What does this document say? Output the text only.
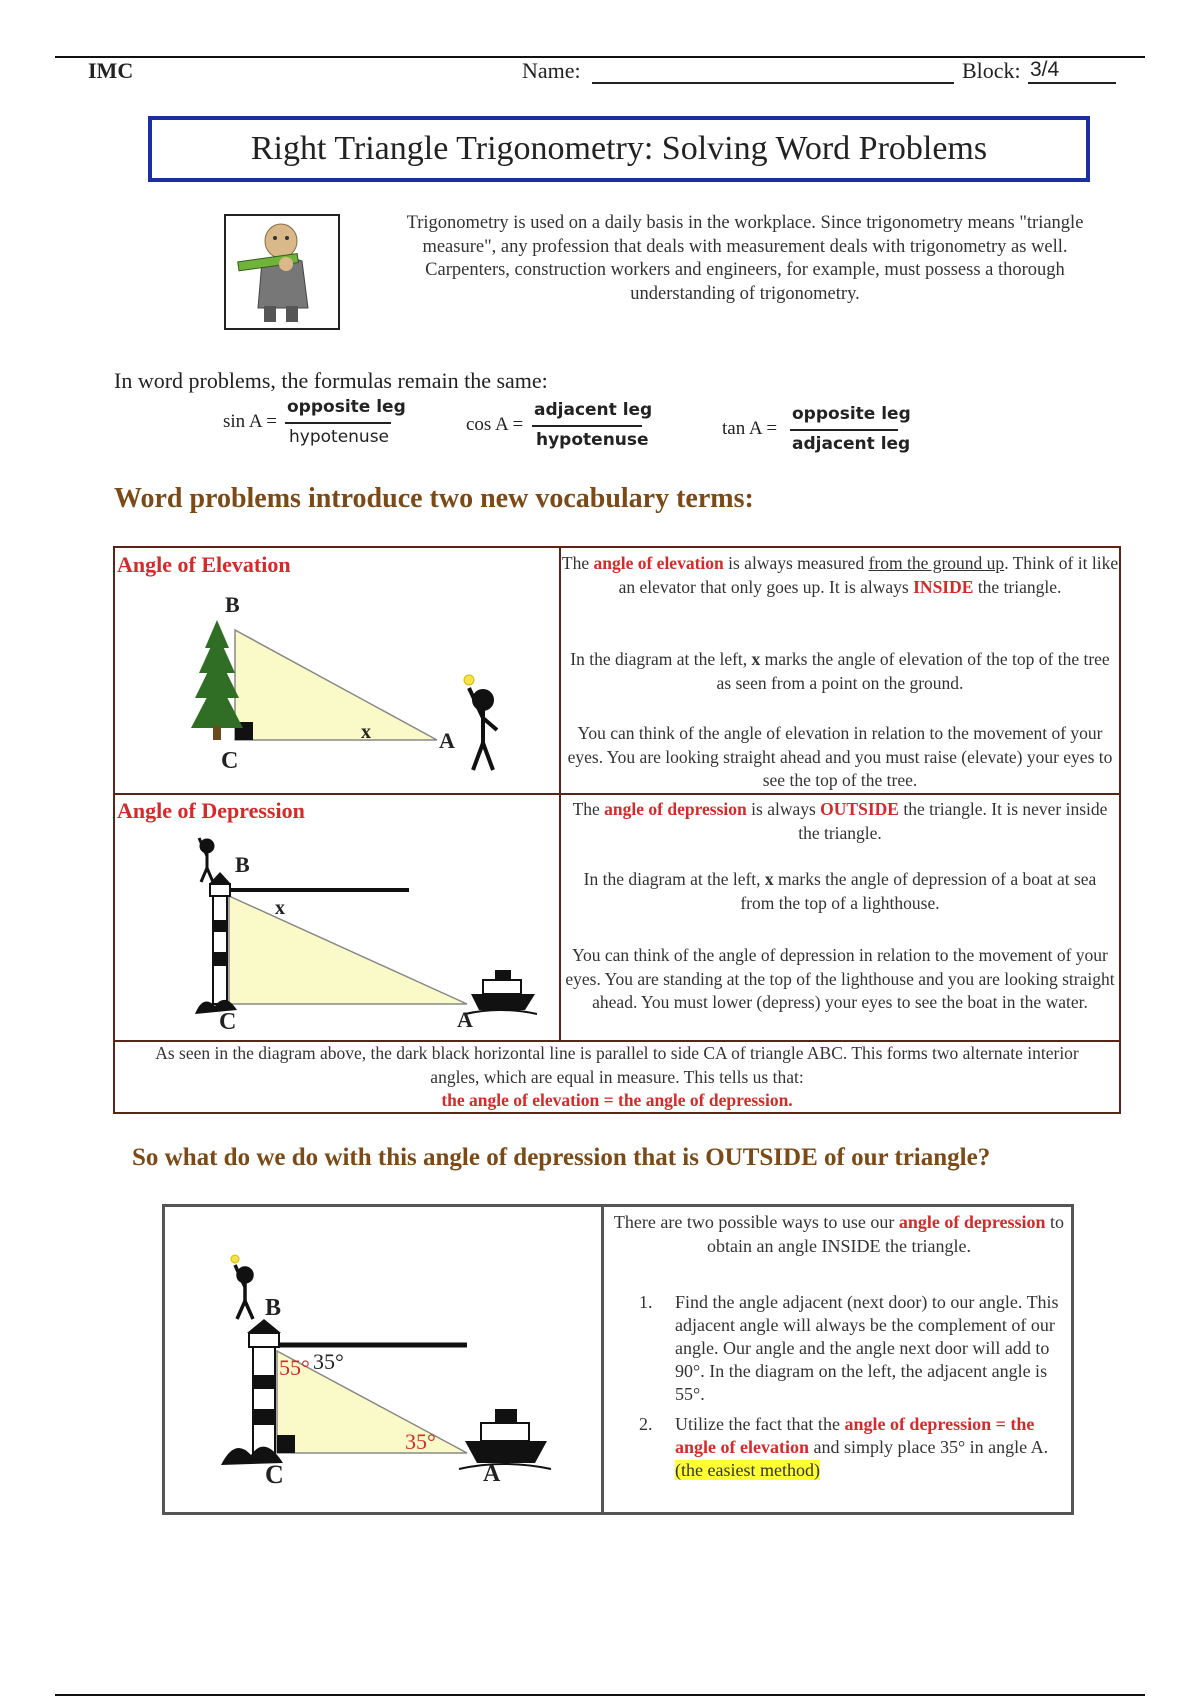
IMC	Name:	Block: 3/4
Right Triangle Trigonometry: Solving Word Problems
Trigonometry is used on a daily basis in the workplace. Since trigonometry means "triangle measure", any profession that deals with measurement deals with trigonometry as well. Carpenters, construction workers and engineers, for example, must possess a thorough understanding of trigonometry.
In word problems, the formulas remain the same:
sin A =
opposite leg
hypotenuse
cos A =
adjacent leg
hypotenuse
tan A =
opposite leg
adjacent leg
Word problems introduce two new vocabulary terms:
Angle of Elevation
B
C
A
x
The angle of elevation is always measured from the ground up. Think of it like an elevator that only goes up. It is always INSIDE the triangle.
In the diagram at the left, x marks the angle of elevation of the top of the tree as seen from a point on the ground.
You can think of the angle of elevation in relation to the movement of your eyes. You are looking straight ahead and you must raise (elevate) your eyes to see the top of the tree.
Angle of Depression
B
C	A
x
The angle of depression is always OUTSIDE the triangle. It is never inside the triangle.
In the diagram at the left, x marks the angle of depression of a boat at sea from the top of a lighthouse.
You can think of the angle of depression in relation to the movement of your eyes. You are standing at the top of the lighthouse and you are looking straight ahead. You must lower (depress) your eyes to see the boat in the water.
As seen in the diagram above, the dark black horizontal line is parallel to side CA of triangle ABC. This forms two alternate interior angles, which are equal in measure. This tells us that:
the angle of elevation = the angle of depression.
So what do we do with this angle of depression that is OUTSIDE of our triangle?
B
C	A
35°
55°
35°
There are two possible ways to use our angle of depression to obtain an angle INSIDE the triangle.
1. Find the angle adjacent (next door) to our angle. This adjacent angle will always be the complement of our angle. Our angle and the angle next door will add to 90°. In the diagram on the left, the adjacent angle is 55°.
2. Utilize the fact that the angle of depression = the angle of elevation and simply place 35° in angle A. (the easiest method)
